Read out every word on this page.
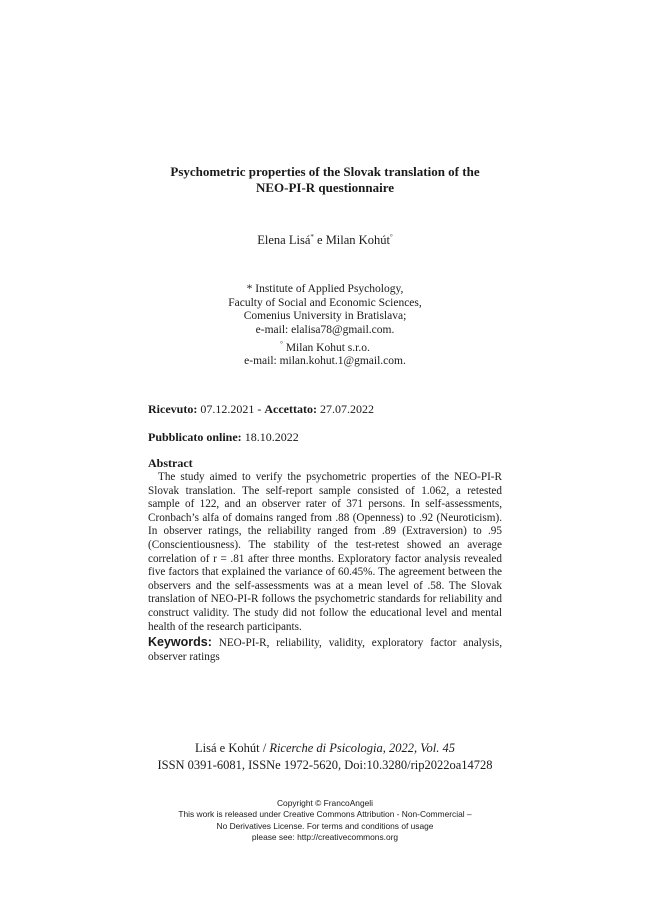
Psychometric properties of the Slovak translation of the
NEO-PI-R questionnaire
Elena Lisá* e Milan Kohút°
* Institute of Applied Psychology,
Faculty of Social and Economic Sciences,
Comenius University in Bratislava;
e-mail: elalisa78@gmail.com.
° Milan Kohut s.r.o.
e-mail: milan.kohut.1@gmail.com.
Ricevuto: 07.12.2021 - Accettato: 27.07.2022
Pubblicato online: 18.10.2022
Abstract
The study aimed to verify the psychometric properties of the NEO-PI-R Slovak translation. The self-report sample consisted of 1.062, a retested sample of 122, and an observer rater of 371 persons. In self-assessments, Cronbach’s alfa of domains ranged from .88 (Openness) to .92 (Neuroticism). In observer ratings, the reliability ranged from .89 (Extraversion) to .95 (Conscientiousness). The stability of the test-retest showed an average correlation of r = .81 after three months. Exploratory factor analysis revealed five factors that explained the variance of 60.45%. The agreement between the observers and the self-assessments was at a mean level of .58. The Slovak translation of NEO-PI-R follows the psychometric standards for reliability and construct validity. The study did not follow the educational level and mental health of the research participants.
Keywords: NEO-PI-R, reliability, validity, exploratory factor analysis, observer ratings
Lisá e Kohút / Ricerche di Psicologia, 2022, Vol. 45
ISSN 0391-6081, ISSNe 1972-5620, Doi:10.3280/rip2022oa14728
Copyright © FrancoAngeli
This work is released under Creative Commons Attribution - Non-Commercial –
No Derivatives License. For terms and conditions of usage
please see: http://creativecommons.org
